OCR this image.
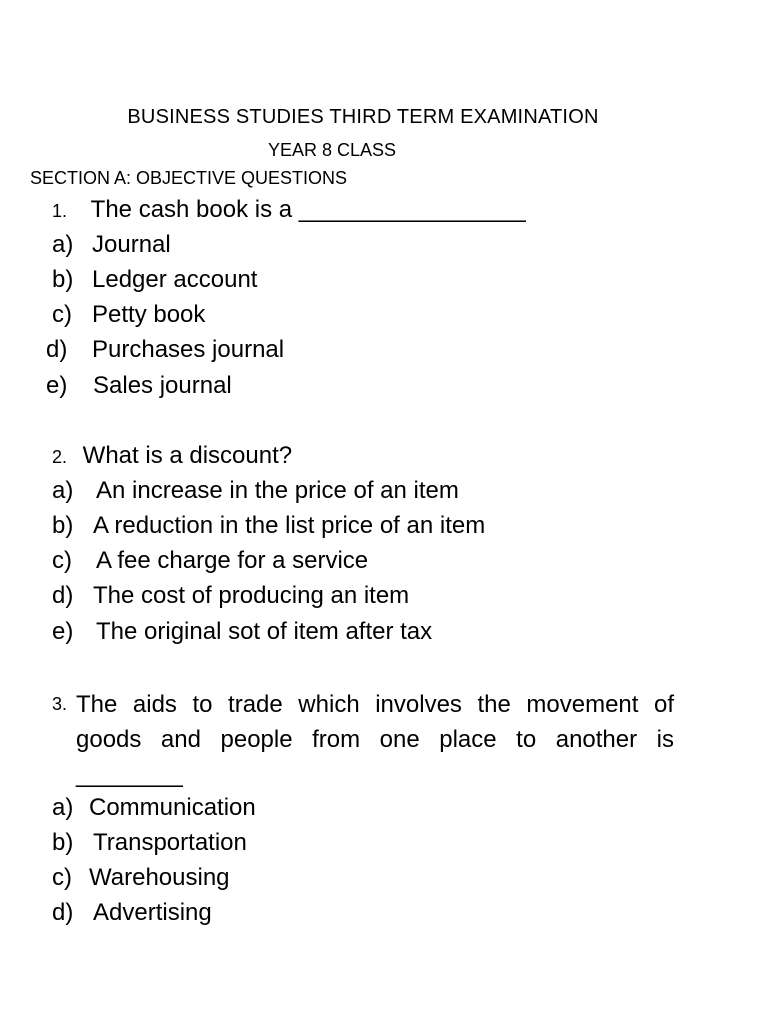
BUSINESS STUDIES THIRD TERM EXAMINATION
YEAR 8 CLASS
SECTION A: OBJECTIVE QUESTIONS
1. The cash book is a _________________
a) Journal
b) Ledger account
c) Petty book
d) Purchases journal
e) Sales journal
2. What is a discount?
a) An increase in the price of an item
b) A reduction in the list price of an item
c) A fee charge for a service
d) The cost of producing an item
e) The original sot of item after tax
3. The aids to trade which involves the movement of goods and people from one place to another is ________
a) Communication
b) Transportation
c) Warehousing
d) Advertising
